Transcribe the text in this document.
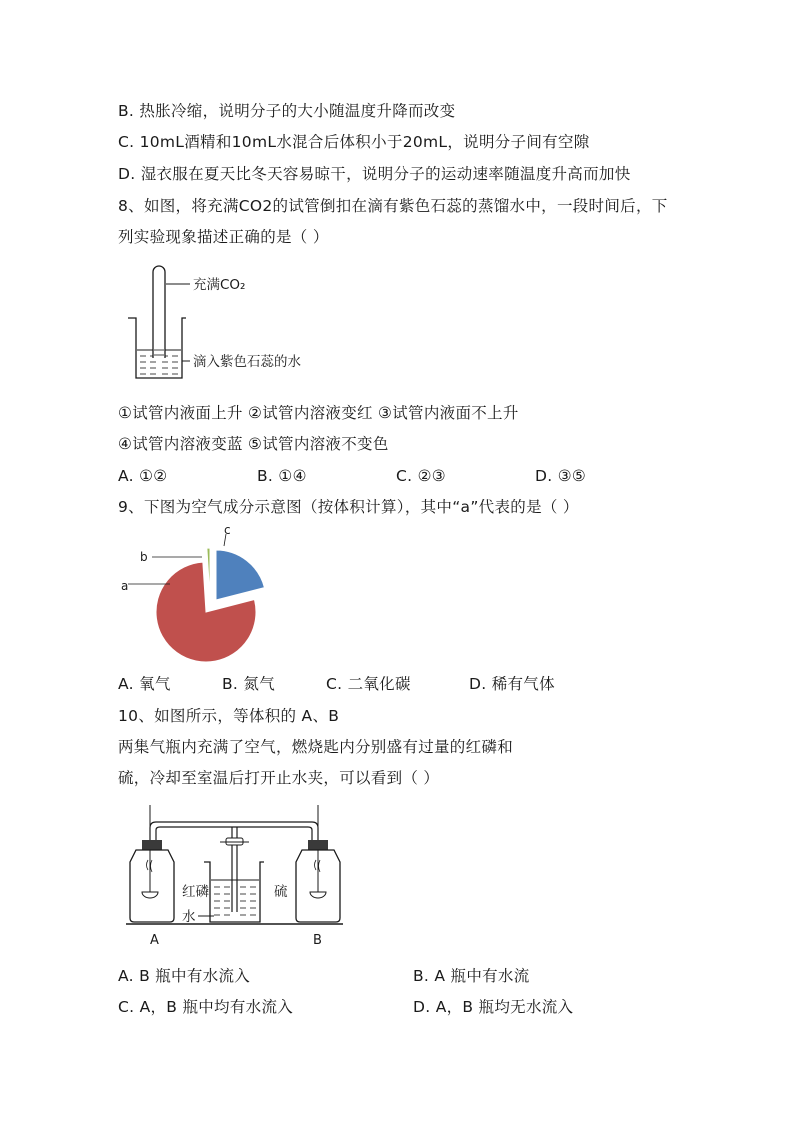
B. 热胀冷缩，说明分子的大小随温度升降而改变
C. 10mL酒精和10mL水混合后体积小于20mL，说明分子间有空隙
D. 湿衣服在夏天比冬天容易晾干，说明分子的运动速率随温度升高而加快
8、如图，将充满CO2的试管倒扣在滴有紫色石蕊的蒸馏水中，一段时间后，下
列实验现象描述正确的是（ ）
充满CO₂
滴入紫色石蕊的水
①试管内液面上升 ②试管内溶液变红 ③试管内液面不上升
④试管内溶液变蓝 ⑤试管内溶液不变色
A. ①②	B. ①④	C. ②③	D. ③⑤
9、下图为空气成分示意图（按体积计算），其中“a”代表的是（ ）
a
b
c
A. 氧气	B. 氮气	C. 二氧化碳	D. 稀有气体
10、如图所示，等体积的 A、B
两集气瓶内充满了空气，燃烧匙内分别盛有过量的红磷和
硫，冷却至室温后打开止水夹，可以看到（ ）
红磷
水
硫
A	B
A. B 瓶中有水流入	B. A 瓶中有水流
C. A，B 瓶中均有水流入	D. A，B 瓶均无水流入
